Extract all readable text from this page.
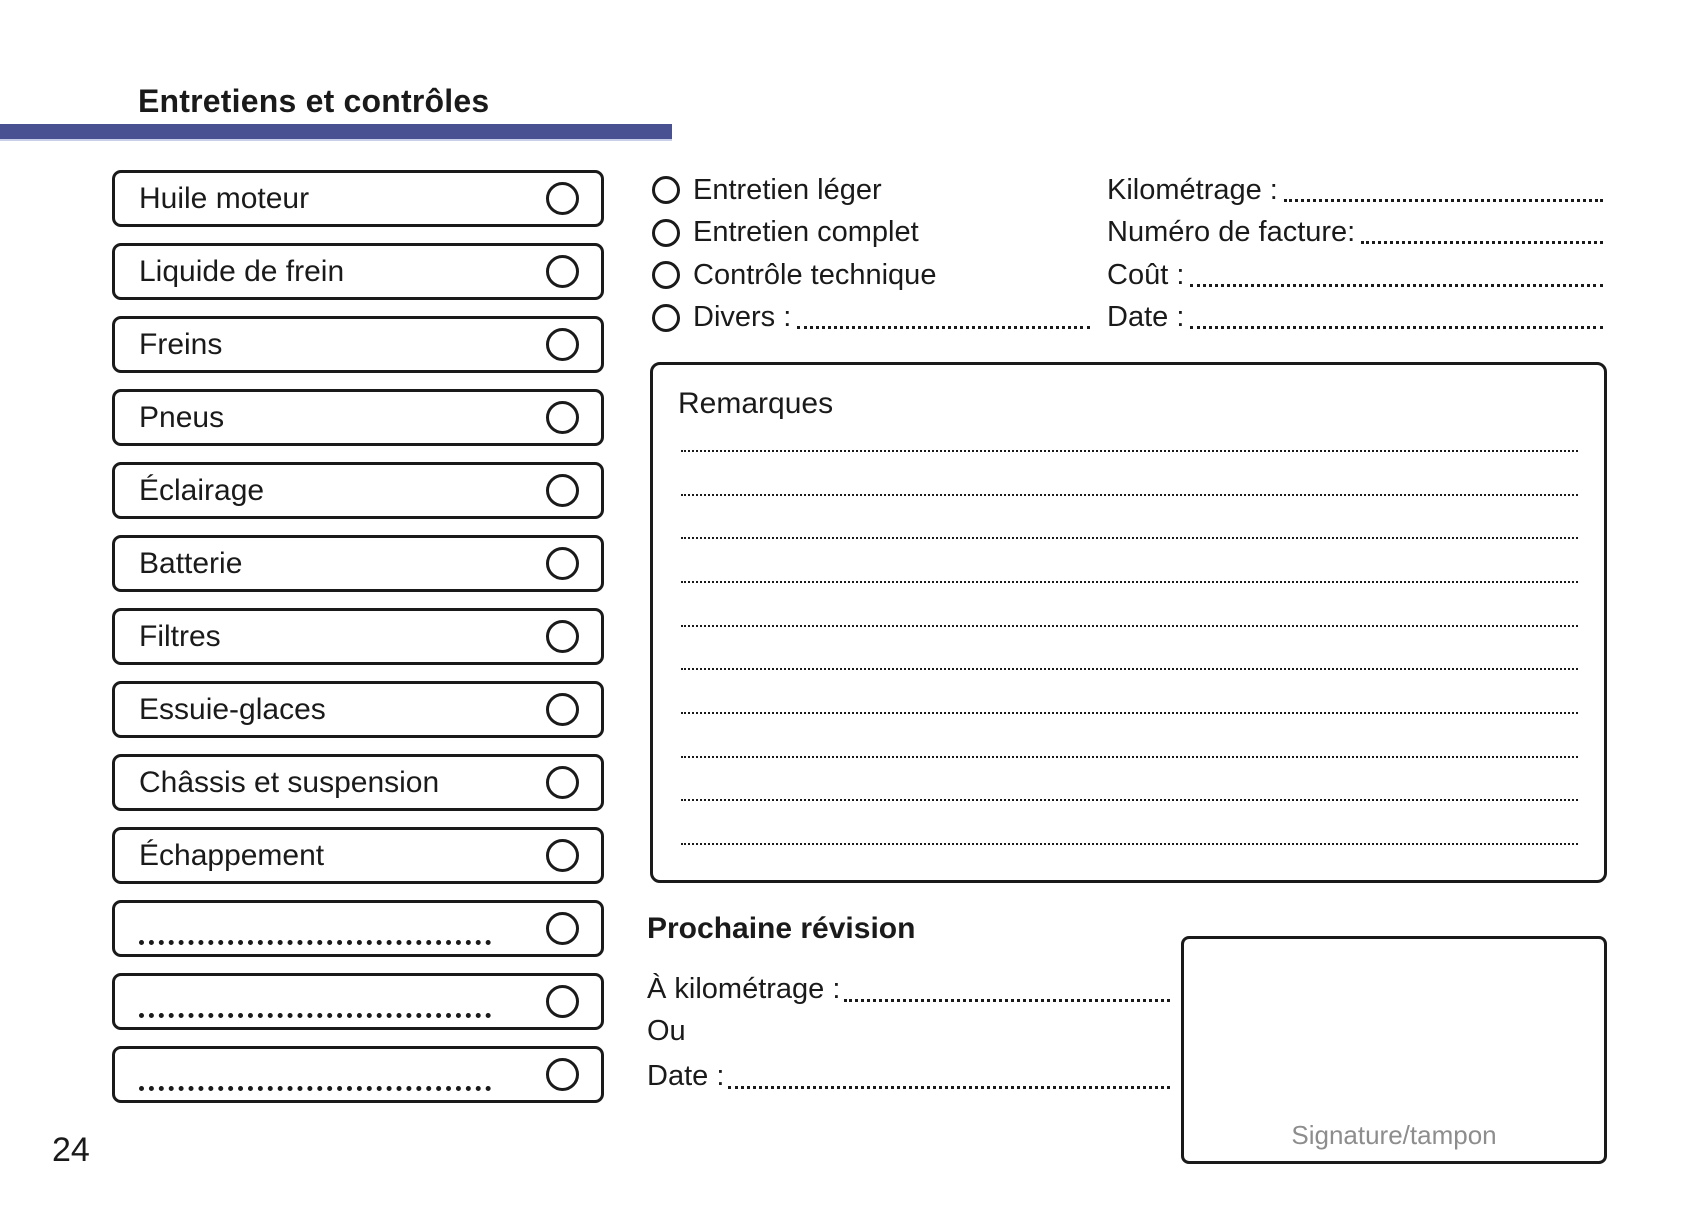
Entretiens et contrôles
Huile moteur
Liquide de frein
Freins
Pneus
Éclairage
Batterie
Filtres
Essuie-glaces
Châssis et suspension
Échappement
Entretien léger
Entretien complet
Contrôle technique
Divers :
Kilométrage :
Numéro de facture:
Coût :
Date :
Remarques
Prochaine révision
À kilométrage :
Ou
Date :
Signature/tampon
24
